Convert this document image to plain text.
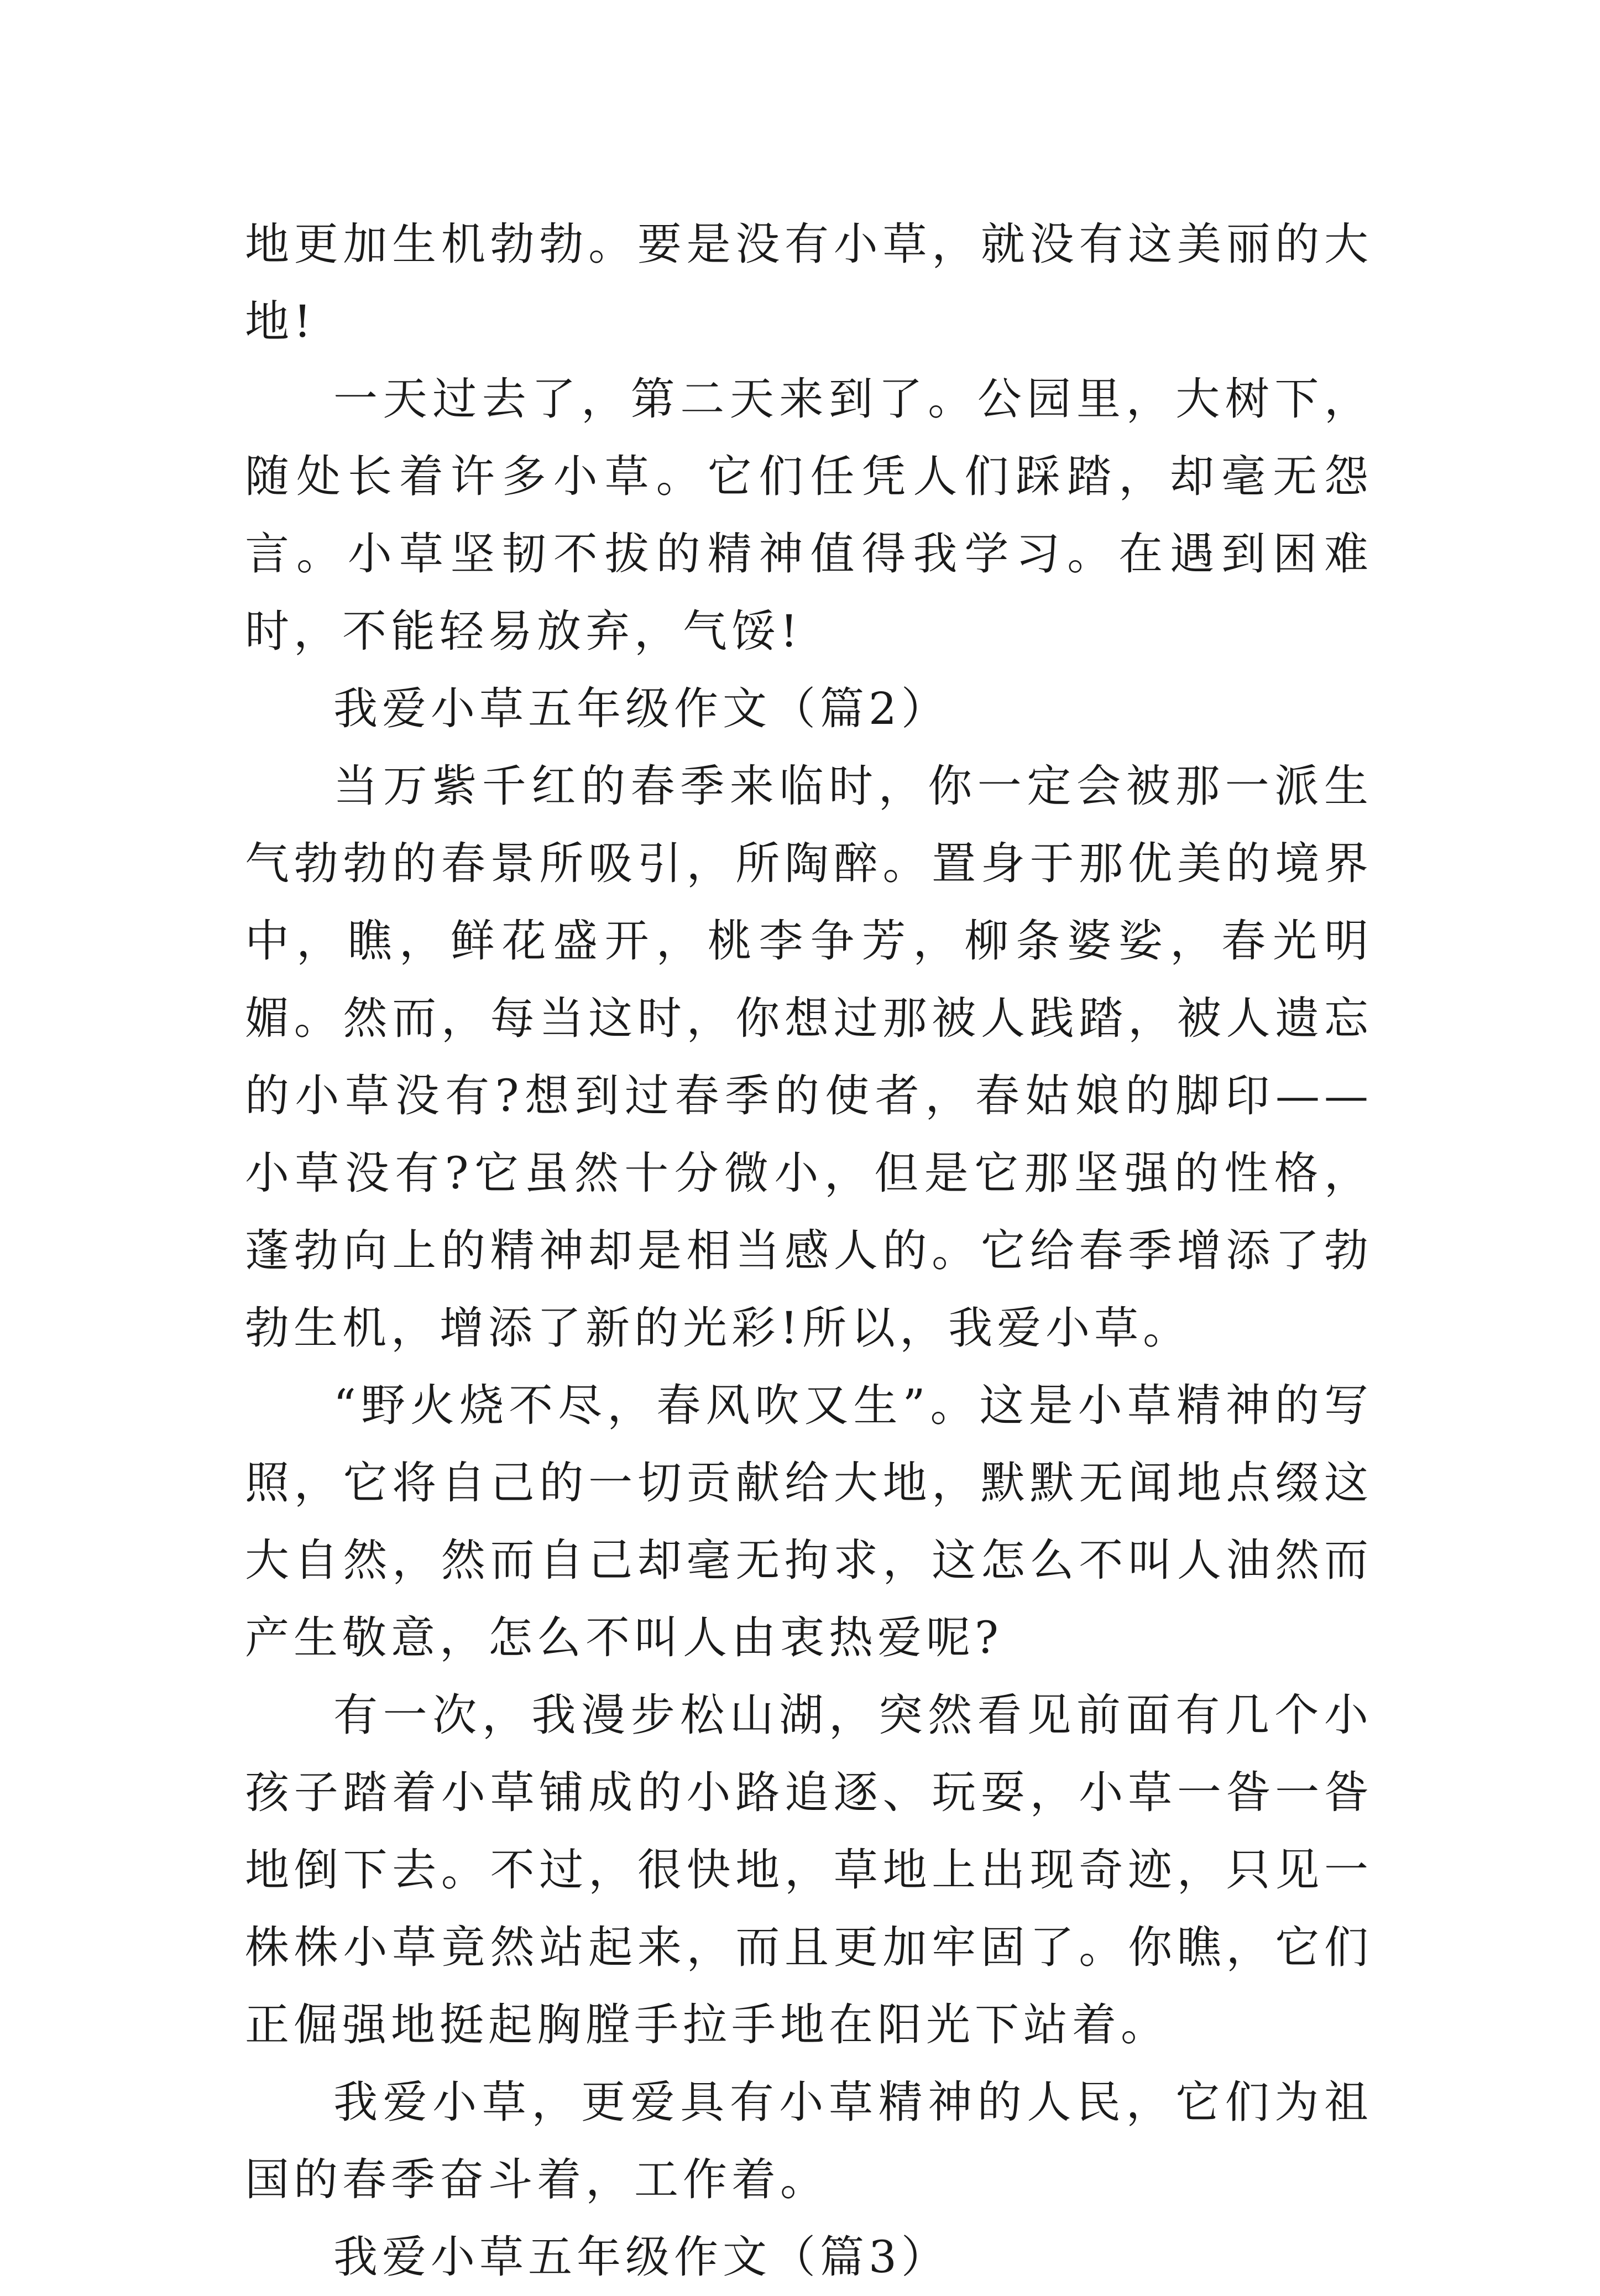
地更加生机勃勃。要是没有小草，就没有这美丽的大地!

一天过去了，第二天来到了。公园里，大树下，随处长着许多小草。它们任凭人们踩踏，却毫无怨言。小草坚韧不拔的精神值得我学习。在遇到困难时，不能轻易放弃，气馁!

我爱小草五年级作文（篇2）

当万紫千红的春季来临时，你一定会被那一派生气勃勃的春景所吸引，所陶醉。置身于那优美的境界中，瞧，鲜花盛开，桃李争芳，柳条婆娑，春光明媚。然而，每当这时，你想过那被人践踏，被人遗忘的小草没有?想到过春季的使者，春姑娘的脚印——小草没有?它虽然十分微小，但是它那坚强的性格，蓬勃向上的精神却是相当感人的。它给春季增添了勃勃生机，增添了新的光彩!所以，我爱小草。

“野火烧不尽，春风吹又生”。这是小草精神的写照，它将自己的一切贡献给大地，默默无闻地点缀这大自然，然而自己却毫无拘求，这怎么不叫人油然而产生敬意，怎么不叫人由衷热爱呢?

有一次，我漫步松山湖，突然看见前面有几个小孩子踏着小草铺成的小路追逐、玩耍，小草一昝一昝地倒下去。不过，很快地，草地上出现奇迹，只见一株株小草竟然站起来，而且更加牢固了。你瞧，它们正倔强地挺起胸膛手拉手地在阳光下站着。

我爱小草，更爱具有小草精神的人民，它们为祖国的春季奋斗着，工作着。

我爱小草五年级作文（篇3）
